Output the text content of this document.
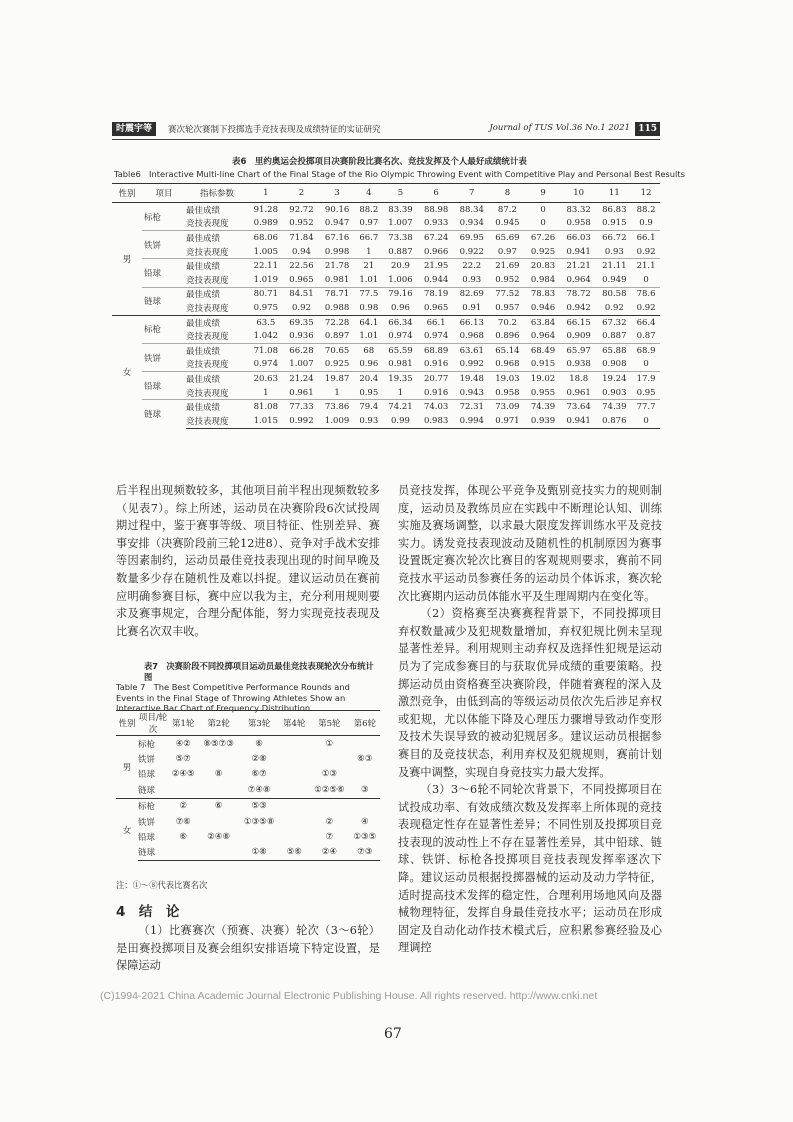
时震宇等	赛次轮次赛制下投掷选手竞技表现及成绩特征的实证研究	Journal of TUS Vol.36 No.1 2021 115
表6　里约奥运会投掷项目决赛阶段比赛名次、竞技发挥及个人最好成绩统计表
Table6　Interactive Multi-line Chart of the Final Stage of the Rio Olympic Throwing Event with Competitive Play and Personal Best Results
性别	项目	指标参数	1	2	3	4	5	6	7	8	9	10	11	12
男	标枪	最佳成绩	91.28	92.72	90.16	88.2	83.39	88.98	88.34	87.2	0	83.32	86.83	88.2
		竞技表现度	0.989	0.952	0.947	0.97	1.007	0.933	0.934	0.945	0	0.958	0.915	0.9
	铁饼	最佳成绩	68.06	71.84	67.16	66.7	73.38	67.24	69.95	65.69	67.26	66.03	66.72	66.1
		竞技表现度	1.005	0.94	0.998	1	0.887	0.966	0.922	0.97	0.925	0.941	0.93	0.92
	铅球	最佳成绩	22.11	22.56	21.78	21	20.9	21.95	22.2	21.69	20.83	21.21	21.11	21.1
		竞技表现度	1.019	0.965	0.981	1.01	1.006	0.944	0.93	0.952	0.984	0.964	0.949	0
	链球	最佳成绩	80.71	84.51	78.71	77.5	79.16	78.19	82.69	77.52	78.83	78.72	80.58	78.6
		竞技表现度	0.975	0.92	0.988	0.98	0.96	0.965	0.91	0.957	0.946	0.942	0.92	0.92
女	标枪	最佳成绩	63.5	69.35	72.28	64.1	66.34	66.1	66.13	70.2	63.84	66.15	67.32	66.4
		竞技表现度	1.042	0.936	0.897	1.01	0.974	0.974	0.968	0.896	0.964	0.909	0.887	0.87
	铁饼	最佳成绩	71.08	66.28	70.65	68	65.59	68.89	63.61	65.14	68.49	65.97	65.88	68.9
		竞技表现度	0.974	1.007	0.925	0.96	0.981	0.916	0.992	0.968	0.915	0.938	0.908	0
	铅球	最佳成绩	20.63	21.24	19.87	20.4	19.35	20.77	19.48	19.03	19.02	18.8	19.24	17.9
		竞技表现度	1	0.961	1	0.95	1	0.916	0.943	0.958	0.955	0.961	0.903	0.95
	链球	最佳成绩	81.08	77.33	73.86	79.4	74.21	74.03	72.31	73.09	74.39	73.64	74.39	77.7
		竞技表现度	1.015	0.992	1.009	0.93	0.99	0.983	0.994	0.971	0.939	0.941	0.876	0

后半程出现频数较多，其他项目前半程出现频数较多（见表7）。综上所述，运动员在决赛阶段6次试投周期过程中，鉴于赛事等级、项目特征、性别差异、赛事安排（决赛阶段前三轮12进8）、竞争对手战术安排等因素制约，运动员最佳竞技表现出现的时间早晚及数量多少存在随机性及难以抖捉。建议运动员在赛前应明确参赛目标，赛中应以我为主，充分利用规则要求及赛事规定，合理分配体能，努力实现竞技表现及比赛名次双丰收。

表7　决赛阶段不同投掷项目运动员最佳竞技表现轮次分布统计图
Table 7　The Best Competitive Performance Rounds and Events in the Final Stage of Throwing Athletes Show an Interactive Bar Chart of Frequency Distribution
性别	项目/轮次	第1轮	第2轮	第3轮	第4轮	第5轮	第6轮
男	标枪	④②	⑧⑤⑦③	⑥		①	
	铁饼	⑤⑦		②⑧			⑥③
	铅球	②④⑤	⑧	⑥⑦		①③	
	链球			⑦④⑧		①②⑤⑥	③
女	标枪	②	⑥	⑤③			
	铁饼	⑦⑥		①③⑤⑧		②	④
	铅球	⑥	②④⑧			⑦	①③⑤
	链球			①⑧	⑤⑥	②④	⑦③
注：①～⑧代表比赛名次
4　结　论

（1）比赛赛次（预赛、决赛）轮次（3～6轮）是田赛投掷项目及赛会组织安排语境下特定设置，是保障运动

员竞技发挥，体现公平竞争及甄别竞技实力的规则制度，运动员及教练员应在实践中不断理论认知、训练实施及赛场调整，以求最大限度发挥训练水平及竞技实力。诱发竞技表现波动及随机性的机制原因为赛事设置既定赛次轮次比赛目的客观规则要求，赛前不同竞技水平运动员参赛任务的运动员个体诉求，赛次轮次比赛期内运动员体能水平及生理周期内在变化等。

（2）资格赛至决赛赛程背景下，不同投掷项目弃权数量减少及犯规数量增加，弃权犯规比例未呈现显著性差异。利用规则主动弃权及选择性犯规是运动员为了完成参赛目的与获取优异成绩的重要策略。投掷运动员由资格赛至决赛阶段，伴随着赛程的深入及激烈竞争，由低到高的等级运动员依次先后涉足弃权或犯规，尤以体能下降及心理压力骤增导致动作变形及技术失误导致的被动犯规居多。建议运动员根据参赛目的及竞技状态，利用弃权及犯规规则，赛前计划及赛中调整，实现自身竞技实力最大发挥。

（3）3～6轮不同轮次背景下，不同投掷项目在试投成功率、有效成绩次数及发挥率上所体现的竞技表现稳定性存在显著性差异；不同性别及投掷项目竞技表现的波动性上不存在显著性差异，其中铅球、链球、铁饼、标枪各投掷项目竞技表现发挥率逐次下降。建议运动员根据投掷器械的运动及动力学特征，适时提高技术发挥的稳定性，合理利用场地风向及器械物理特征，发挥自身最佳竞技水平；运动员在形成固定及自动化动作技术模式后，应积累参赛经验及心理调控

(C)1994-2021 China Academic Journal Electronic Publishing House. All rights reserved. http://www.cnki.net
67
